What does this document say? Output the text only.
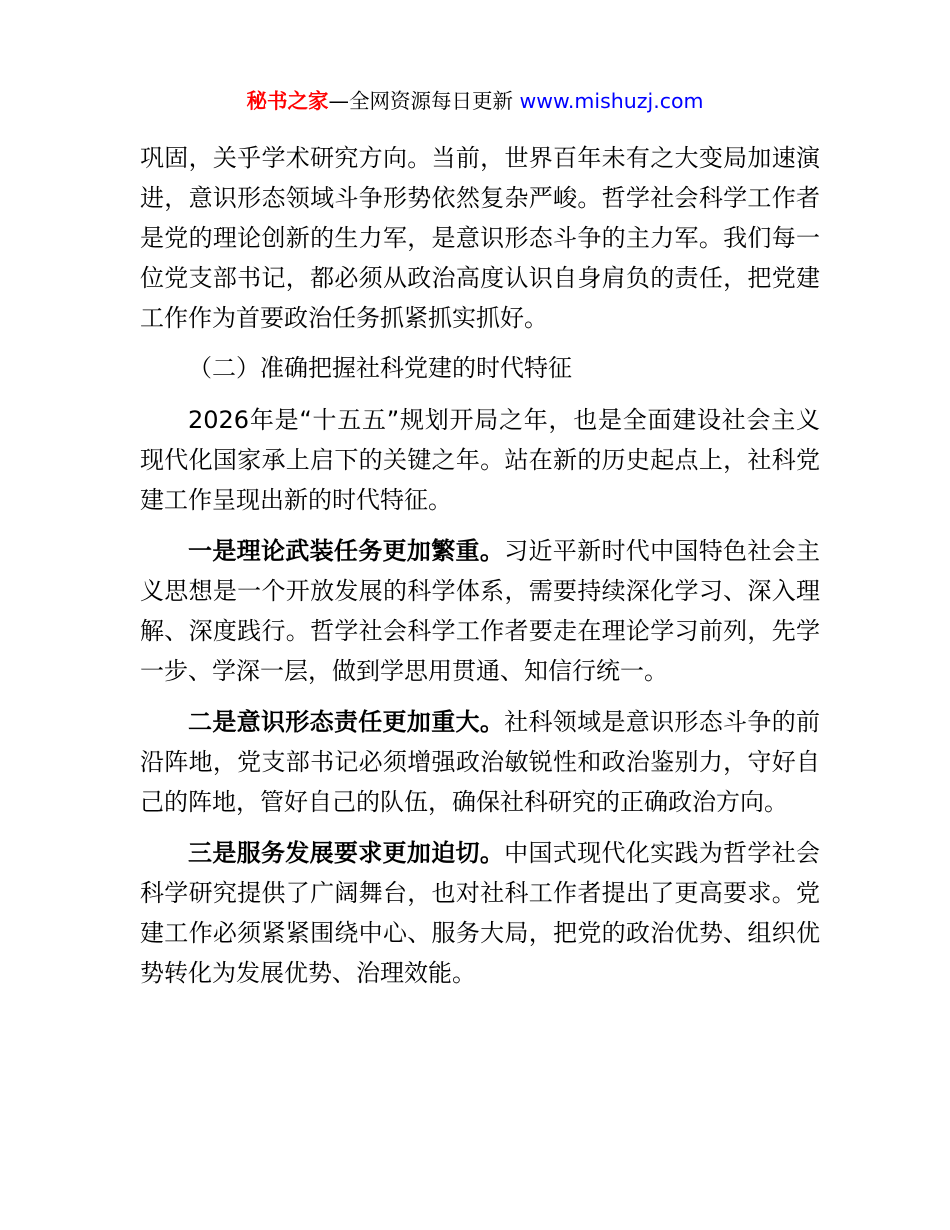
秘书之家—全网资源每日更新 www.mishuzj.com

巩固，关乎学术研究方向。当前，世界百年未有之大变局加速演进，意识形态领域斗争形势依然复杂严峻。哲学社会科学工作者是党的理论创新的生力军，是意识形态斗争的主力军。我们每一位党支部书记，都必须从政治高度认识自身肩负的责任，把党建工作作为首要政治任务抓紧抓实抓好。

（二）准确把握社科党建的时代特征

2026年是“十五五”规划开局之年，也是全面建设社会主义现代化国家承上启下的关键之年。站在新的历史起点上，社科党建工作呈现出新的时代特征。

一是理论武装任务更加繁重。习近平新时代中国特色社会主义思想是一个开放发展的科学体系，需要持续深化学习、深入理解、深度践行。哲学社会科学工作者要走在理论学习前列，先学一步、学深一层，做到学思用贯通、知信行统一。

二是意识形态责任更加重大。社科领域是意识形态斗争的前沿阵地，党支部书记必须增强政治敏锐性和政治鉴别力，守好自己的阵地，管好自己的队伍，确保社科研究的正确政治方向。

三是服务发展要求更加迫切。中国式现代化实践为哲学社会科学研究提供了广阔舞台，也对社科工作者提出了更高要求。党建工作必须紧紧围绕中心、服务大局，把党的政治优势、组织优势转化为发展优势、治理效能。
